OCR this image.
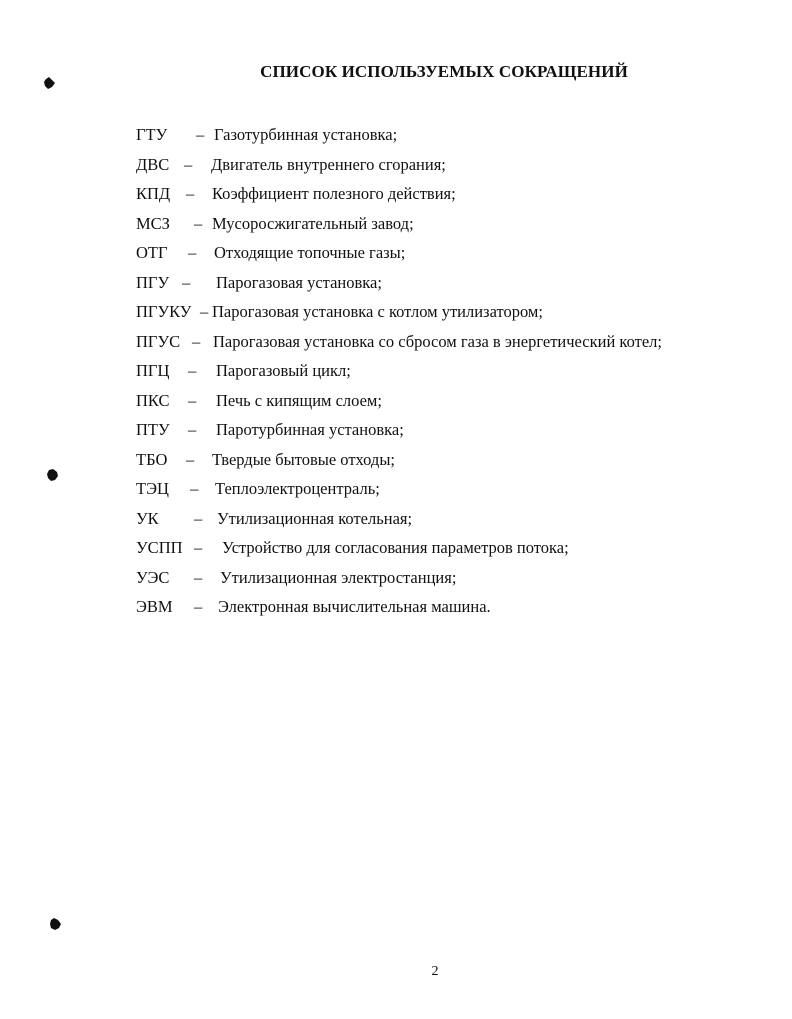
СПИСОК ИСПОЛЬЗУЕМЫХ СОКРАЩЕНИЙ
ГТУ – Газотурбинная установка;
ДВС – Двигатель внутреннего сгорания;
КПД – Коэффициент полезного действия;
МСЗ – Мусоросжигательный завод;
ОТГ – Отходящие топочные газы;
ПГУ – Парогазовая установка;
ПГУКУ – Парогазовая установка с котлом утилизатором;
ПГУС – Парогазовая установка со сбросом газа в энергетический котел;
ПГЦ – Парогазовый цикл;
ПКС – Печь с кипящим слоем;
ПТУ – Паротурбинная установка;
ТБО – Твердые бытовые отходы;
ТЭЦ – Теплоэлектроцентраль;
УК – Утилизационная котельная;
УСПП – Устройство для согласования параметров потока;
УЭС – Утилизационная электростанция;
ЭВМ – Электронная вычислительная машина.
2
